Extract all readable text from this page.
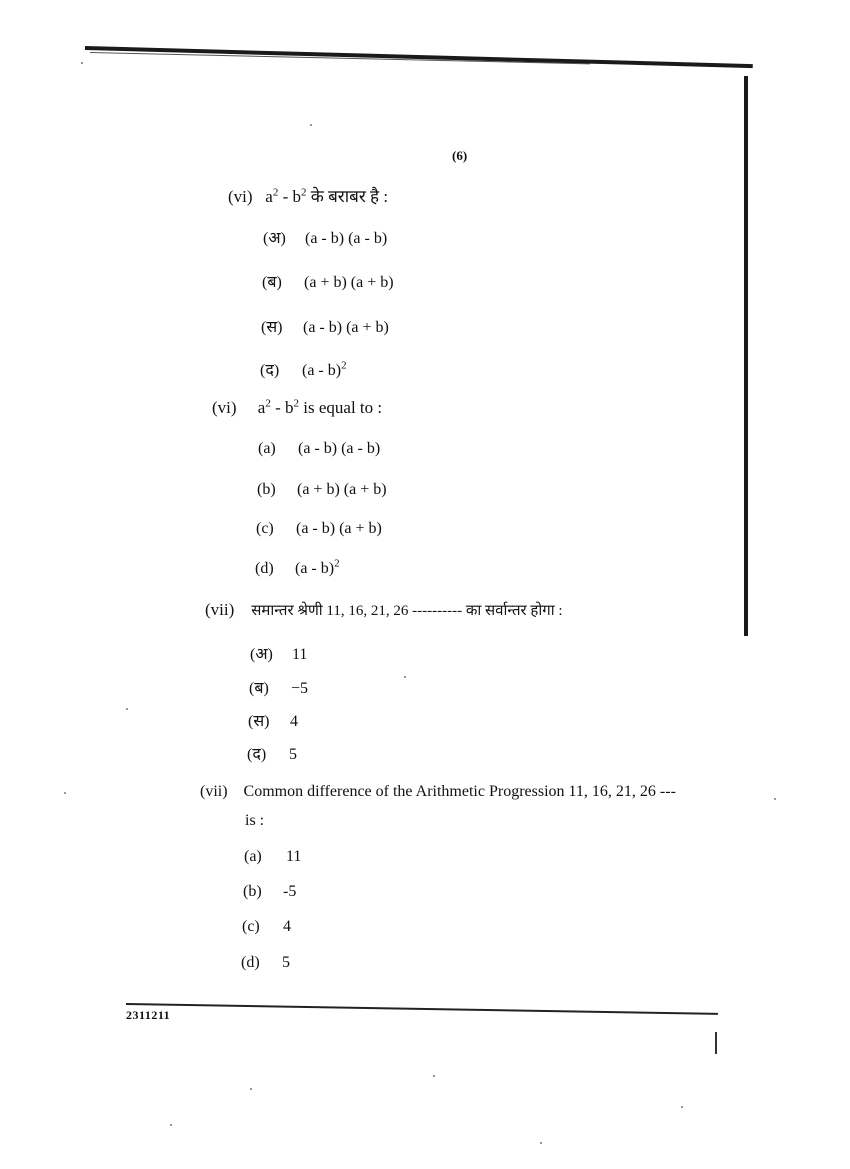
(6)
(vi) $a^2 - b^2$ के बराबर है :
(अ) (a - b) (a - b)
(ब) (a + b) (a + b)
(स) (a - b) (a + b)
(द) (a - b)$^2$
(vi) $a^2 - b^2$ is equal to :
(a) (a - b) (a - b)
(b) (a + b) (a + b)
(c) (a - b) (a + b)
(d) (a - b)$^2$
(vii) समान्तर श्रेणी 11, 16, 21, 26 ---------- का सर्वान्तर होगा :
(अ) 11
(ब) −5
(स) 4
(द) 5
(vii) Common difference of the Arithmetic Progression 11, 16, 21, 26 ---
is :
(a) 11
(b) -5
(c) 4
(d) 5
2311211
